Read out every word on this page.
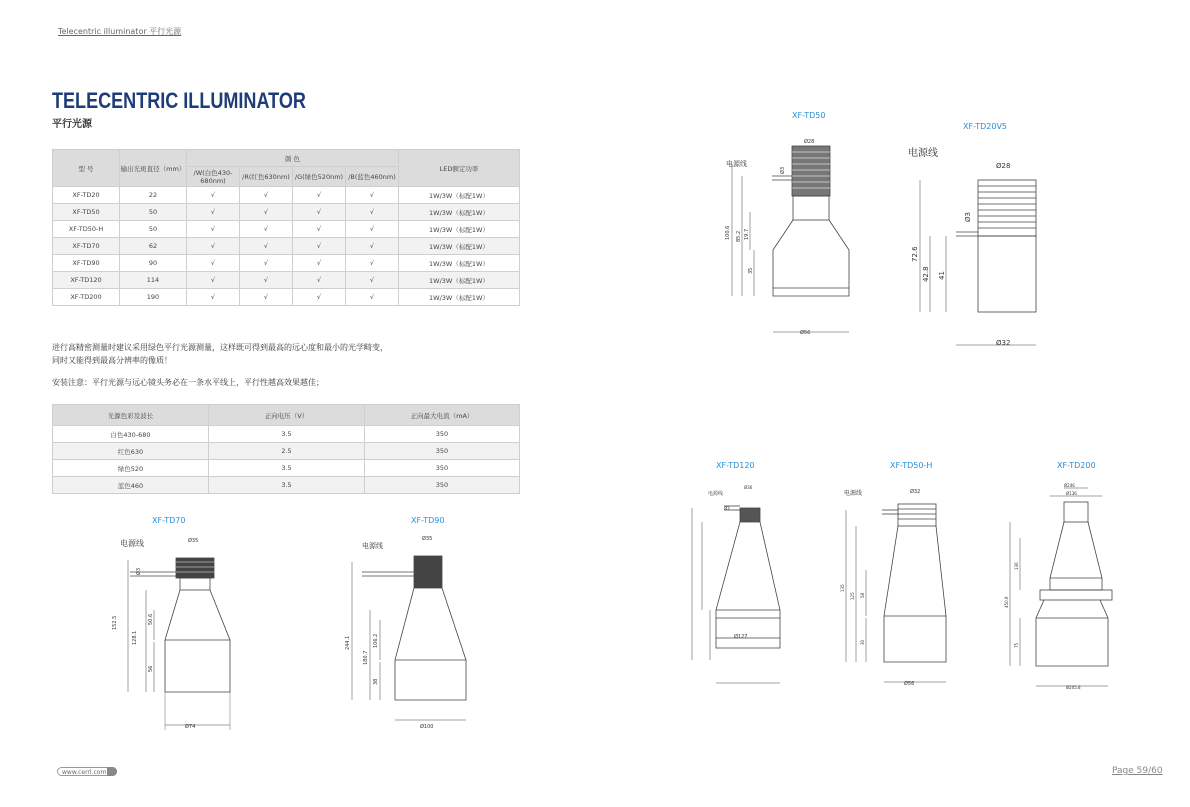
Telecentric illuminator 平行光源
TELECENTRIC ILLUMINATOR
平行光源
型 号	输出光斑直径（mm）	颜 色				LED额定功率
		/W(白色430-680nm)	/R(红色630nm)	/G(绿色520nm)	/B(蓝色460nm)	
XF-TD20	22	√	√	√	√	1W/3W（标配1W）
XF-TD50	50	√	√	√	√	1W/3W（标配1W）
XF-TD50-H	50	√	√	√	√	1W/3W（标配1W）
XF-TD70	62	√	√	√	√	1W/3W（标配1W）
XF-TD90	90	√	√	√	√	1W/3W（标配1W）
XF-TD120	114	√	√	√	√	1W/3W（标配1W）
XF-TD200	190	√	√	√	√	1W/3W（标配1W）
进行高精密测量时建议采用绿色平行光源测量，这样既可得到最高的远心度和最小的光学畸变，
同时又能得到最高分辨率的像质！
安装注意：平行光源与远心镜头务必在一条水平线上，平行性越高效果越佳；
光源色彩及波长	正向电压（V）	正向最大电流（mA）
白色430-680	3.5	350
红色630	2.5	350
绿色520	3.5	350
蓝色460	3.5	350
XF-TD70	XF-TD90
XF-TD50
XF-TD20V5
XF-TD120	XF-TD50-H	XF-TD200
电源线	Ø35
Ø74
152.5
128.1
50.6
56
Ø3
电源线
Ø35
Ø100
244.1
180.7
106.2
38
电源线
Ø28
Ø56
100.6 85.2 19.7
35
Ø3
电源线
Ø28
Ø32
72.6
42.8 41
Ø3
电源线
Ø36
Ø127
Ø3
电源线	Ø32
Ø56
135
125 58
30
Ø246
Ø136
Ø205.8
450.9
136
75
www.cerrl.com	Page 59/60
